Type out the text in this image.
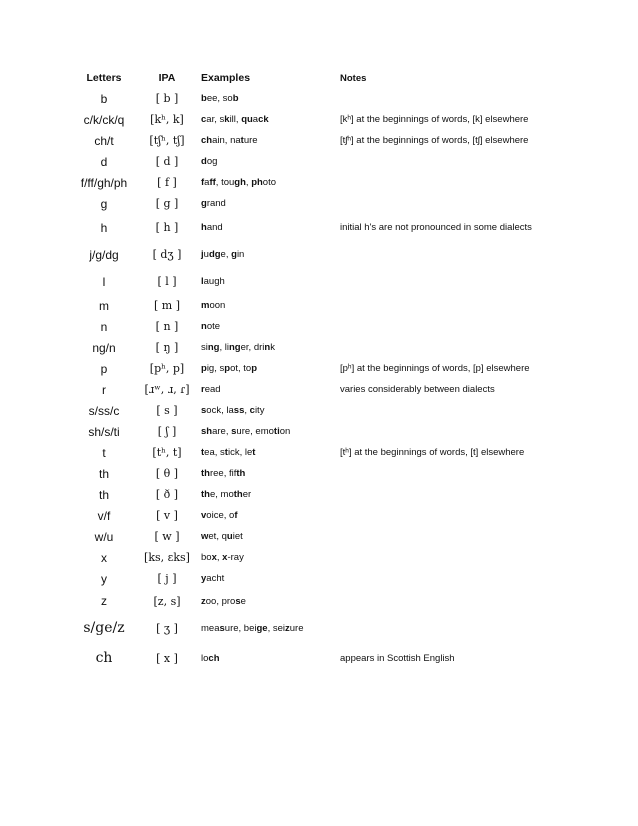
Letters	IPA	Examples	Notes
b	[ b ]	bee, sob	
c/k/ck/q	[kʰ, k]	car, skill, quack	[kʰ] at the beginnings of words, [k] elsewhere
ch/t	[tʃʰ, tʃ]	chain, nature	[tʃʰ] at the beginnings of words, [tʃ] elsewhere
d	[ d ]	dog	
f/ff/gh/ph	[ f ]	faff, tough, photo	
g	[ g ]	grand	
h	[ h ]	hand	initial h's are not pronounced in some dialects
j/g/dg	[ dʒ ]	judge, gin	
l	[ l ]	laugh	
m	[ m ]	moon	
n	[ n ]	note	
ng/n	[ ŋ ]	sing, linger, drink	
p	[pʰ, p]	pig, spot, top	[pʰ] at the beginnings of words, [p] elsewhere
r	[ɹʷ, ɹ, ɾ]	read	varies considerably between dialects
s/ss/c	[ s ]	sock, lass, city	
sh/s/ti	[ ʃ ]	share, sure, emotion	
t	[tʰ, t]	tea, stick, let	[tʰ] at the beginnings of words, [t] elsewhere
th	[ θ ]	three, fifth	
th	[ ð ]	the, mother	
v/f	[ v ]	voice, of	
w/u	[ w ]	wet, quiet	
x	[ks, ɛks]	box, x-ray	
y	[ j ]	yacht	
z	[z, s]	zoo, prose	
s/ge/z	[ ʒ ]	measure, beige, seizure	
ch	[ x ]	loch	appears in Scottish English
